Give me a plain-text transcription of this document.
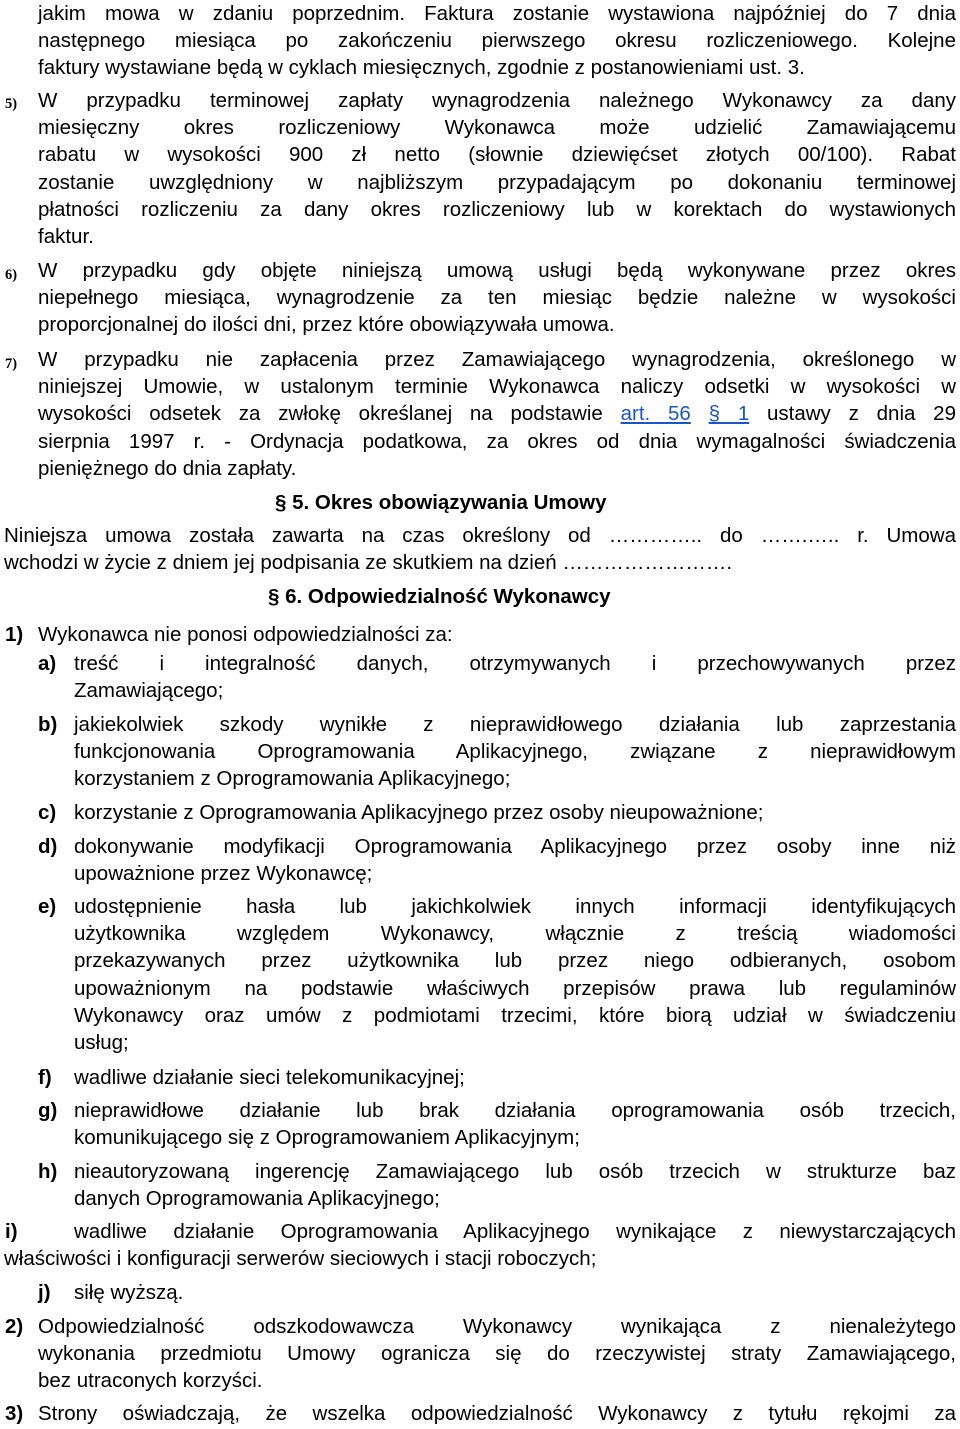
jakim mowa w zdaniu poprzednim. Faktura zostanie wystawiona najpóźniej do 7 dnia
następnego miesiąca po zakończeniu pierwszego okresu rozliczeniowego. Kolejne
faktury wystawiane będą w cyklach miesięcznych, zgodnie z postanowieniami ust. 3.
5) W przypadku terminowej zapłaty wynagrodzenia należnego Wykonawcy za dany
miesięczny okres rozliczeniowy Wykonawca może udzielić Zamawiającemu
rabatu w wysokości 900 zł netto (słownie dziewięćset złotych 00/100). Rabat
zostanie uwzględniony w najbliższym przypadającym po dokonaniu terminowej
płatności rozliczeniu za dany okres rozliczeniowy lub w korektach do wystawionych
faktur.
6) W przypadku gdy objęte niniejszą umową usługi będą wykonywane przez okres
niepełnego miesiąca, wynagrodzenie za ten miesiąc będzie należne w wysokości
proporcjonalnej do ilości dni, przez które obowiązywała umowa.
7) W przypadku nie zapłacenia przez Zamawiającego wynagrodzenia, określonego w
niniejszej Umowie, w ustalonym terminie Wykonawca naliczy odsetki w wysokości w
wysokości odsetek za zwłokę określanej na podstawie art. 56 § 1 ustawy z dnia 29
sierpnia 1997 r. - Ordynacja podatkowa, za okres od dnia wymagalności świadczenia
pieniężnego do dnia zapłaty.
§ 5. Okres obowiązywania Umowy
Niniejsza umowa została zawarta na czas określony od ………….. do …….….. r. Umowa
wchodzi w życie z dniem jej podpisania ze skutkiem na dzień …………………….
§ 6. Odpowiedzialność Wykonawcy
1) Wykonawca nie ponosi odpowiedzialności za:
a) treść i integralność danych, otrzymywanych i przechowywanych przez
Zamawiającego;
b) jakiekolwiek szkody wynikłe z nieprawidłowego działania lub zaprzestania
funkcjonowania Oprogramowania Aplikacyjnego, związane z nieprawidłowym
korzystaniem z Oprogramowania Aplikacyjnego;
c) korzystanie z Oprogramowania Aplikacyjnego przez osoby nieupoważnione;
d) dokonywanie modyfikacji Oprogramowania Aplikacyjnego przez osoby inne niż
upoważnione przez Wykonawcę;
e) udostępnienie hasła lub jakichkolwiek innych informacji identyfikujących
użytkownika względem Wykonawcy, włącznie z treścią wiadomości
przekazywanych przez użytkownika lub przez niego odbieranych, osobom
upoważnionym na podstawie właściwych przepisów prawa lub regulaminów
Wykonawcy oraz umów z podmiotami trzecimi, które biorą udział w świadczeniu
usług;
f) wadliwe działanie sieci telekomunikacyjnej;
g) nieprawidłowe działanie lub brak działania oprogramowania osób trzecich,
komunikującego się z Oprogramowaniem Aplikacyjnym;
h) nieautoryzowaną ingerencję Zamawiającego lub osób trzecich w strukturze baz
danych Oprogramowania Aplikacyjnego;
i)	wadliwe działanie Oprogramowania Aplikacyjnego wynikające z niewystarczających
właściwości i konfiguracji serwerów sieciowych i stacji roboczych;
j) siłę wyższą.
2) Odpowiedzialność odszkodowawcza Wykonawcy wynikająca z nienależytego
wykonania przedmiotu Umowy ogranicza się do rzeczywistej straty Zamawiającego,
bez utraconych korzyści.
3) Strony oświadczają, że wszelka odpowiedzialność Wykonawcy z tytułu rękojmi za
